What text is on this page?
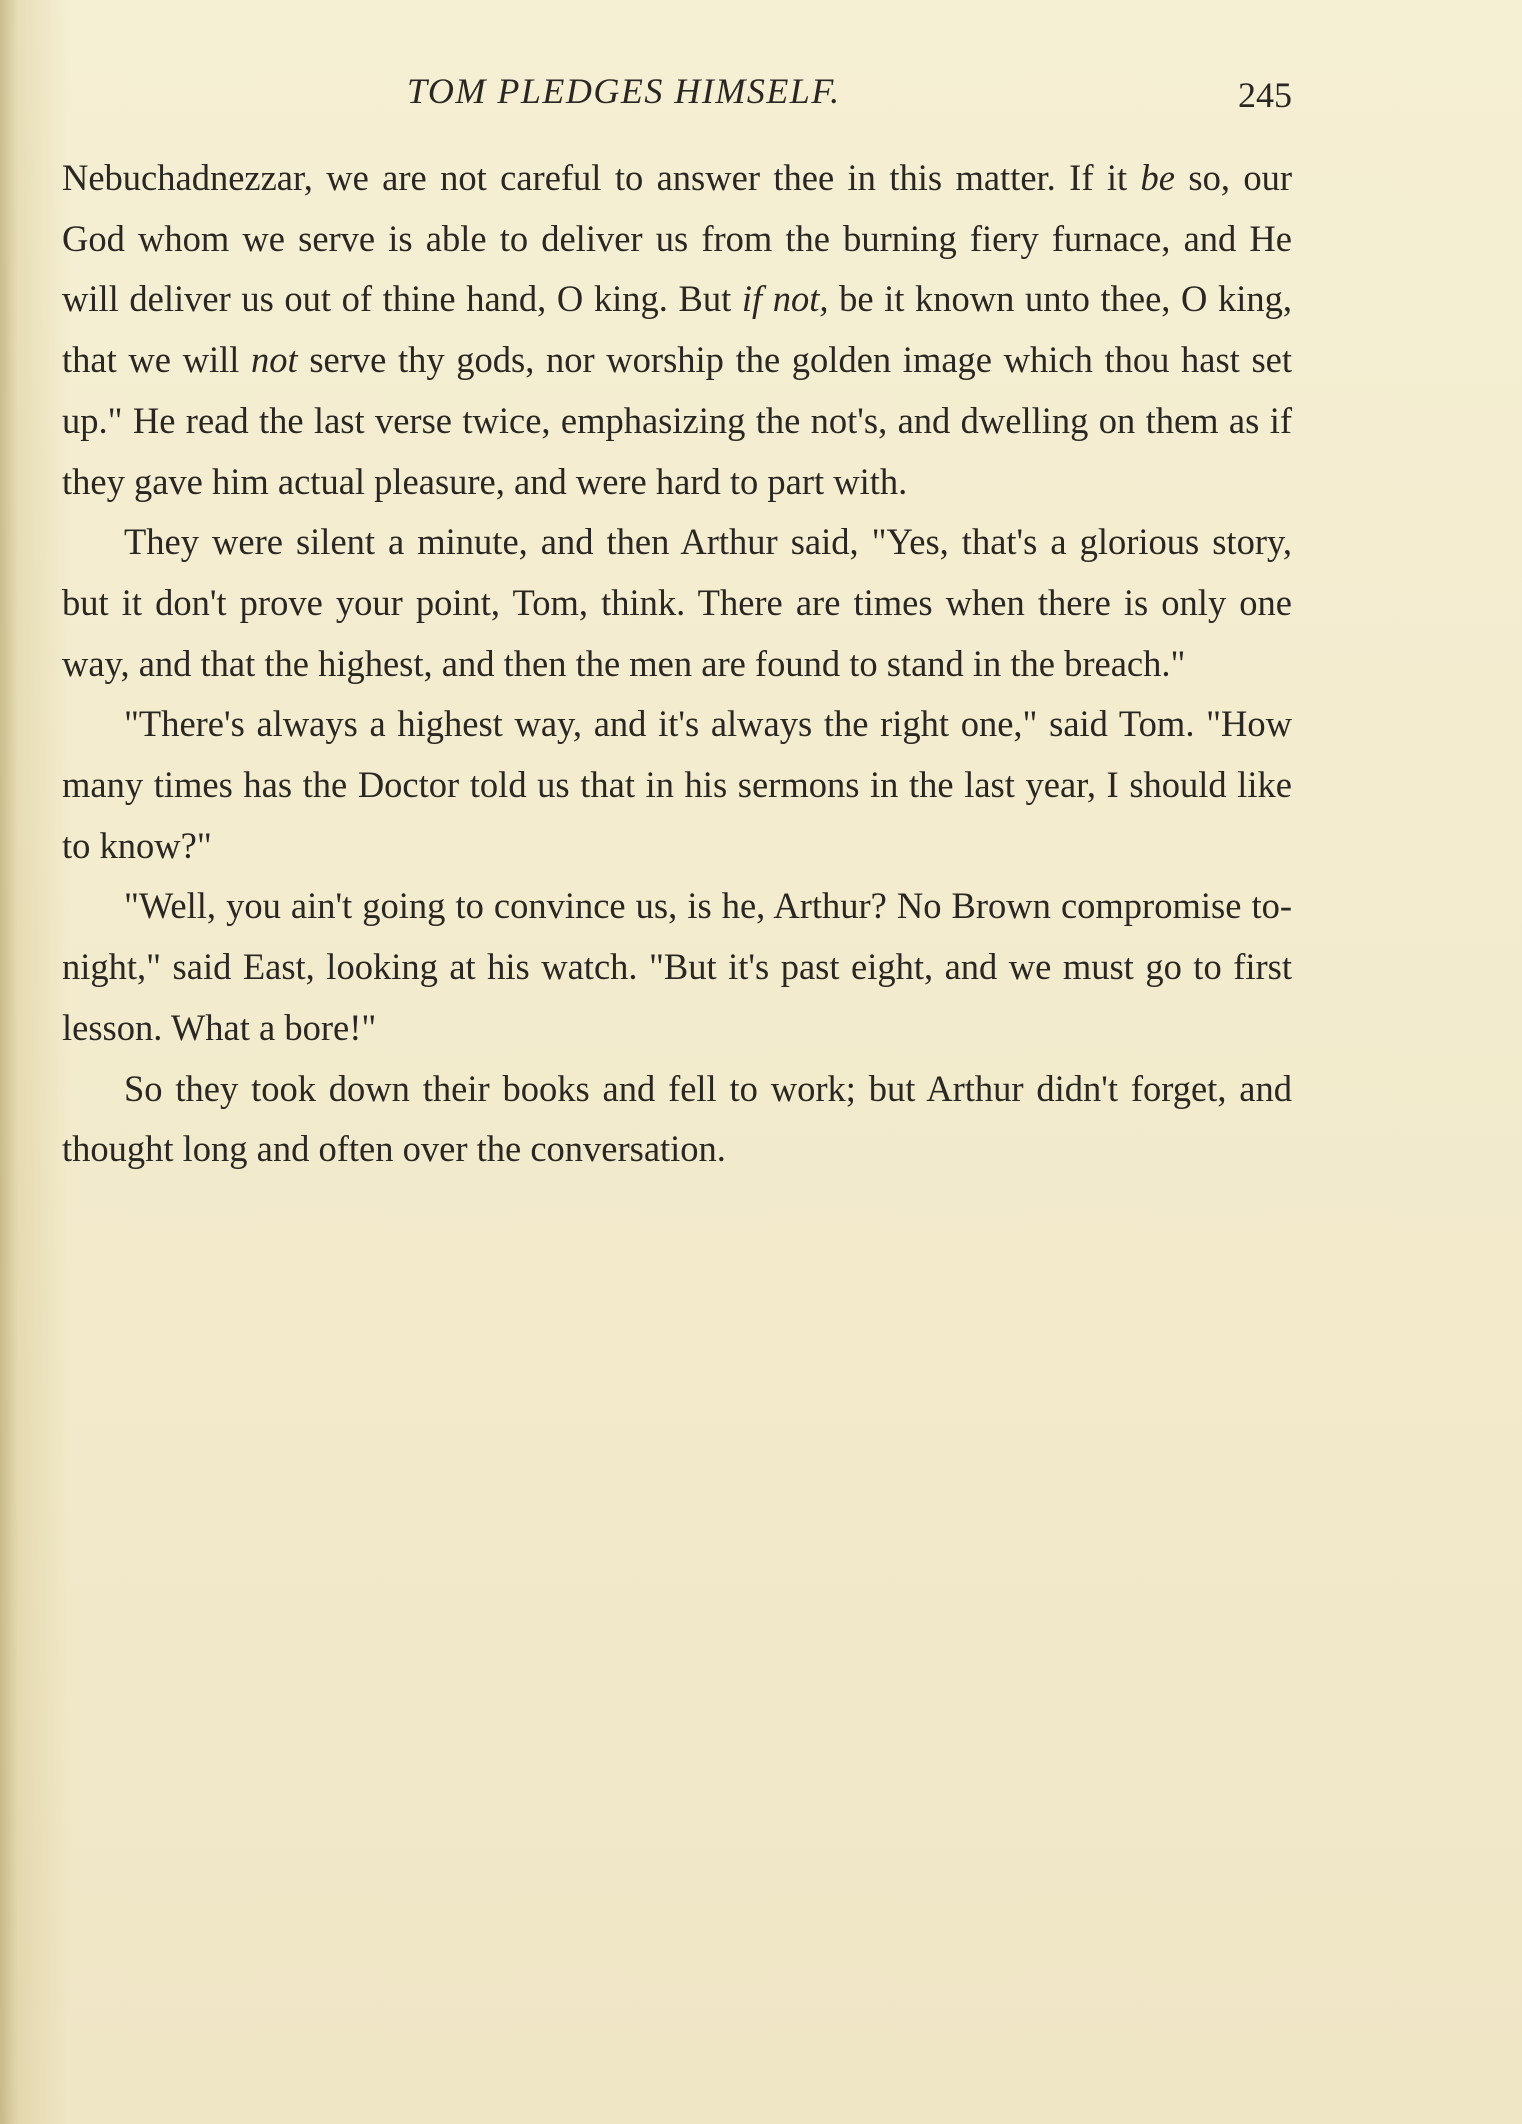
TOM PLEDGES HIMSELF.	245

Nebuchadnezzar, we are not careful to answer thee in this matter. If it be so, our God whom we serve is able to deliver us from the burning fiery furnace, and He will deliver us out of thine hand, O king. But if not, be it known unto thee, O king, that we will not serve thy gods, nor worship the golden image which thou hast set up." He read the last verse twice, emphasizing the not's, and dwelling on them as if they gave him actual pleasure, and were hard to part with.

They were silent a minute, and then Arthur said, "Yes, that's a glorious story, but it don't prove your point, Tom, think. There are times when there is only one way, and that the highest, and then the men are found to stand in the breach."

"There's always a highest way, and it's always the right one," said Tom. "How many times has the Doctor told us that in his sermons in the last year, I should like to know?"

"Well, you ain't going to convince us, is he, Arthur? No Brown compromise to-night," said East, looking at his watch. "But it's past eight, and we must go to first lesson. What a bore!"

So they took down their books and fell to work; but Arthur didn't forget, and thought long and often over the conversation.
